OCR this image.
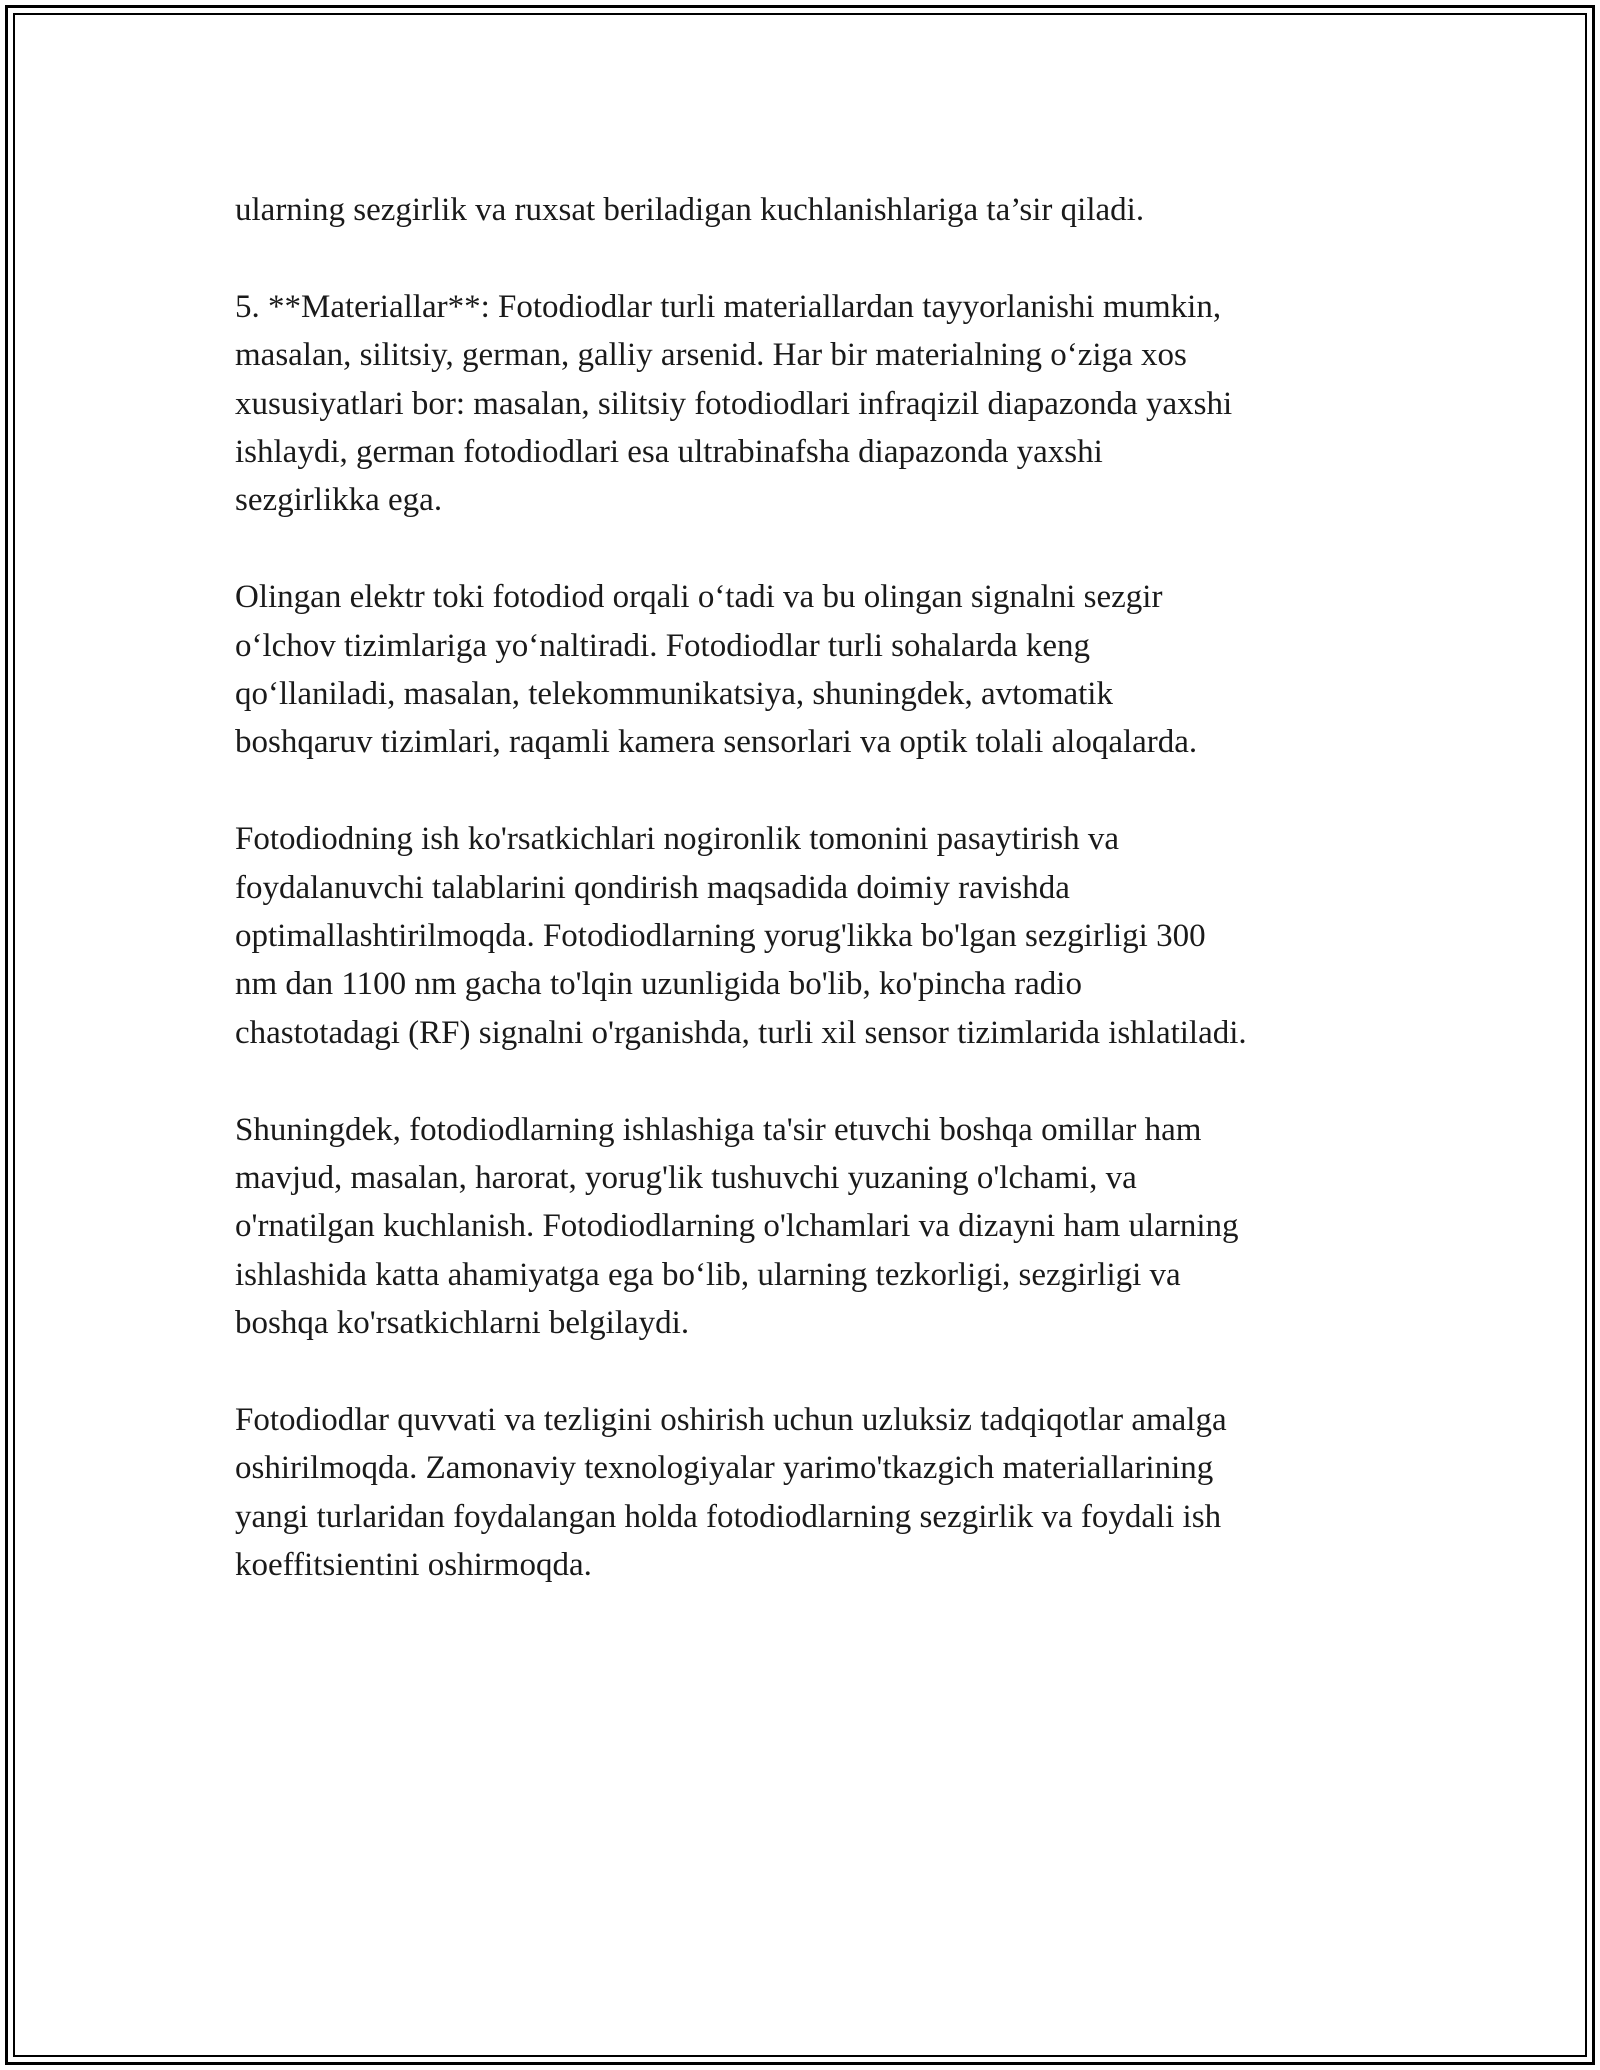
ularning sezgirlik va ruxsat beriladigan kuchlanishlariga ta’sir qiladi.

5. **Materiallar**: Fotodiodlar turli materiallardan tayyorlanishi mumkin,
masalan, silitsiy, german, galliy arsenid. Har bir materialning o‘ziga xos
xususiyatlari bor: masalan, silitsiy fotodiodlari infraqizil diapazonda yaxshi
ishlaydi, german fotodiodlari esa ultrabinafsha diapazonda yaxshi
sezgirlikka ega.

Olingan elektr toki fotodiod orqali o‘tadi va bu olingan signalni sezgir
o‘lchov tizimlariga yo‘naltiradi. Fotodiodlar turli sohalarda keng
qo‘llaniladi, masalan, telekommunikatsiya, shuningdek, avtomatik
boshqaruv tizimlari, raqamli kamera sensorlari va optik tolali aloqalarda.

Fotodiodning ish ko'rsatkichlari nogironlik tomonini pasaytirish va
foydalanuvchi talablarini qondirish maqsadida doimiy ravishda
optimallashtirilmoqda. Fotodiodlarning yorug'likka bo'lgan sezgirligi 300
nm dan 1100 nm gacha to'lqin uzunligida bo'lib, ko'pincha radio
chastotadagi (RF) signalni o'rganishda, turli xil sensor tizimlarida ishlatiladi.

Shuningdek, fotodiodlarning ishlashiga ta'sir etuvchi boshqa omillar ham
mavjud, masalan, harorat, yorug'lik tushuvchi yuzaning o'lchami, va
o'rnatilgan kuchlanish. Fotodiodlarning o'lchamlari va dizayni ham ularning
ishlashida katta ahamiyatga ega bo‘lib, ularning tezkorligi, sezgirligi va
boshqa ko'rsatkichlarni belgilaydi.

Fotodiodlar quvvati va tezligini oshirish uchun uzluksiz tadqiqotlar amalga
oshirilmoqda. Zamonaviy texnologiyalar yarimo'tkazgich materiallarining
yangi turlaridan foydalangan holda fotodiodlarning sezgirlik va foydali ish
koeffitsientini oshirmoqda.
